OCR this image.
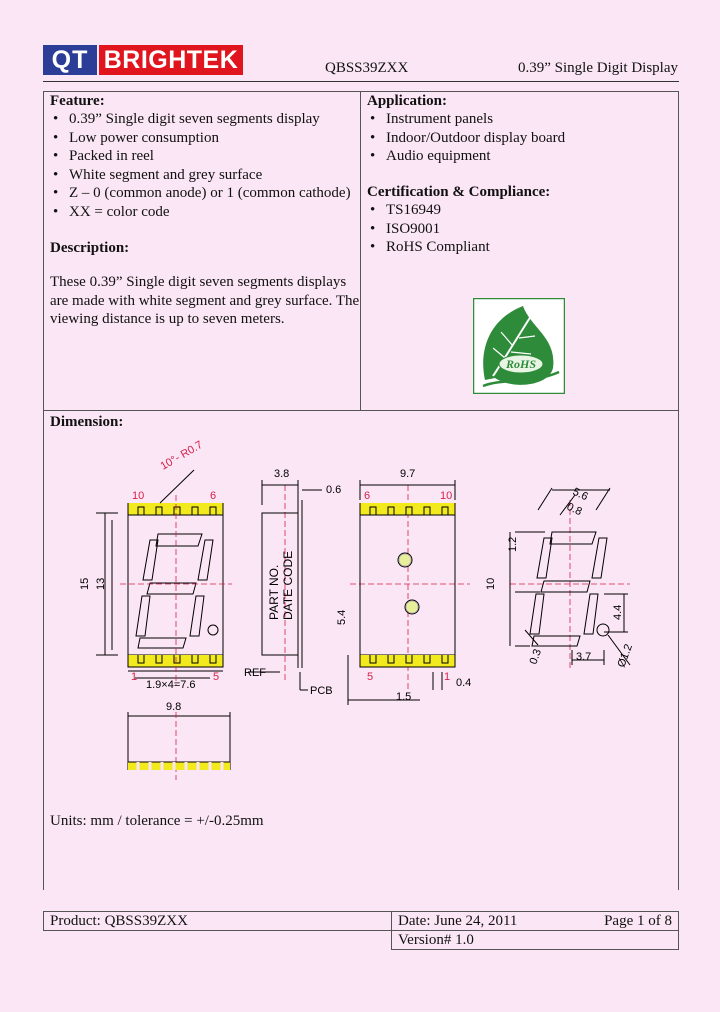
QT BRIGHTEK	QBSS39ZXX	0.39” Single Digit Display
Feature:
• 0.39” Single digit seven segments display
• Low power consumption
• Packed in reel
• White segment and grey surface
• Z – 0 (common anode) or 1 (common cathode)
• XX = color code
Description:
These 0.39” Single digit seven segments displays are made with white segment and grey surface. The viewing distance is up to seven meters.
Application:
• Instrument panels
• Indoor/Outdoor display board
• Audio equipment
Certification & Compliance:
• TS16949
• ISO9001
• RoHS Compliant
RoHS
Dimension:
10°- R0.7
10	6
1	5
15 13
1.9×4=7.6
9.8
3.8
0.6
PART NO. DATE CODE
REF
PCB
5.4
9.7
6	10
5	1
1.5
0.4
5.6
0.8
1.2
10
4.4
0.3	3.7 Ø1.2
Units: mm / tolerance = +/-0.25mm
Product: QBSS39ZXX	Date: June 24, 2011	Page 1 of 8
	Version# 1.0	
